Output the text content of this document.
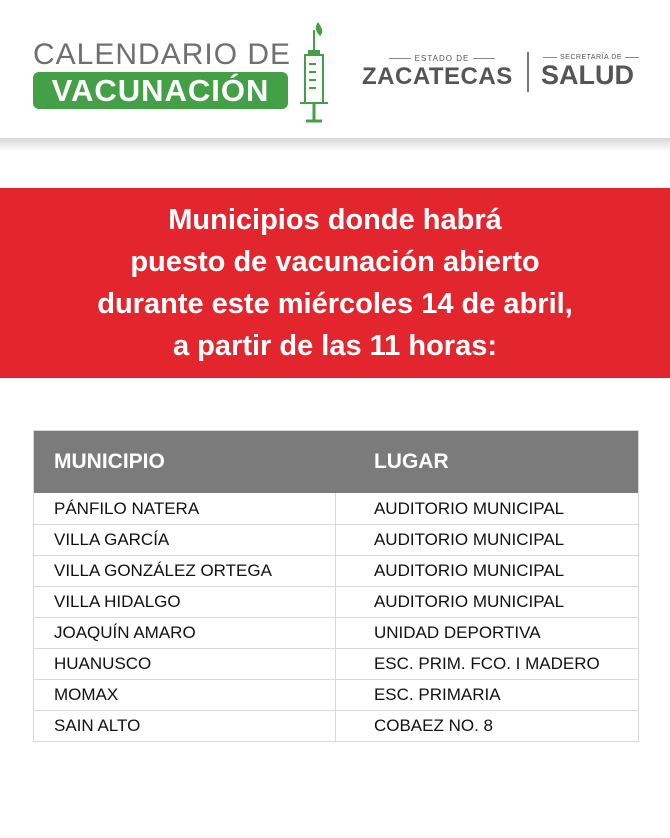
CALENDARIO DE
VACUNACIÓN
ESTADO DE
ZACATECAS
SECRETARÍA DE
SALUD
Municipios donde habrá
puesto de vacunación abierto
durante este miércoles 14 de abril,
a partir de las 11 horas:
MUNICIPIO	LUGAR
PÁNFILO NATERA	AUDITORIO MUNICIPAL
VILLA GARCÍA	AUDITORIO MUNICIPAL
VILLA GONZÁLEZ ORTEGA	AUDITORIO MUNICIPAL
VILLA HIDALGO	AUDITORIO MUNICIPAL
JOAQUÍN AMARO	UNIDAD DEPORTIVA
HUANUSCO	ESC. PRIM. FCO. I MADERO
MOMAX	ESC. PRIMARIA
SAIN ALTO	COBAEZ NO. 8
